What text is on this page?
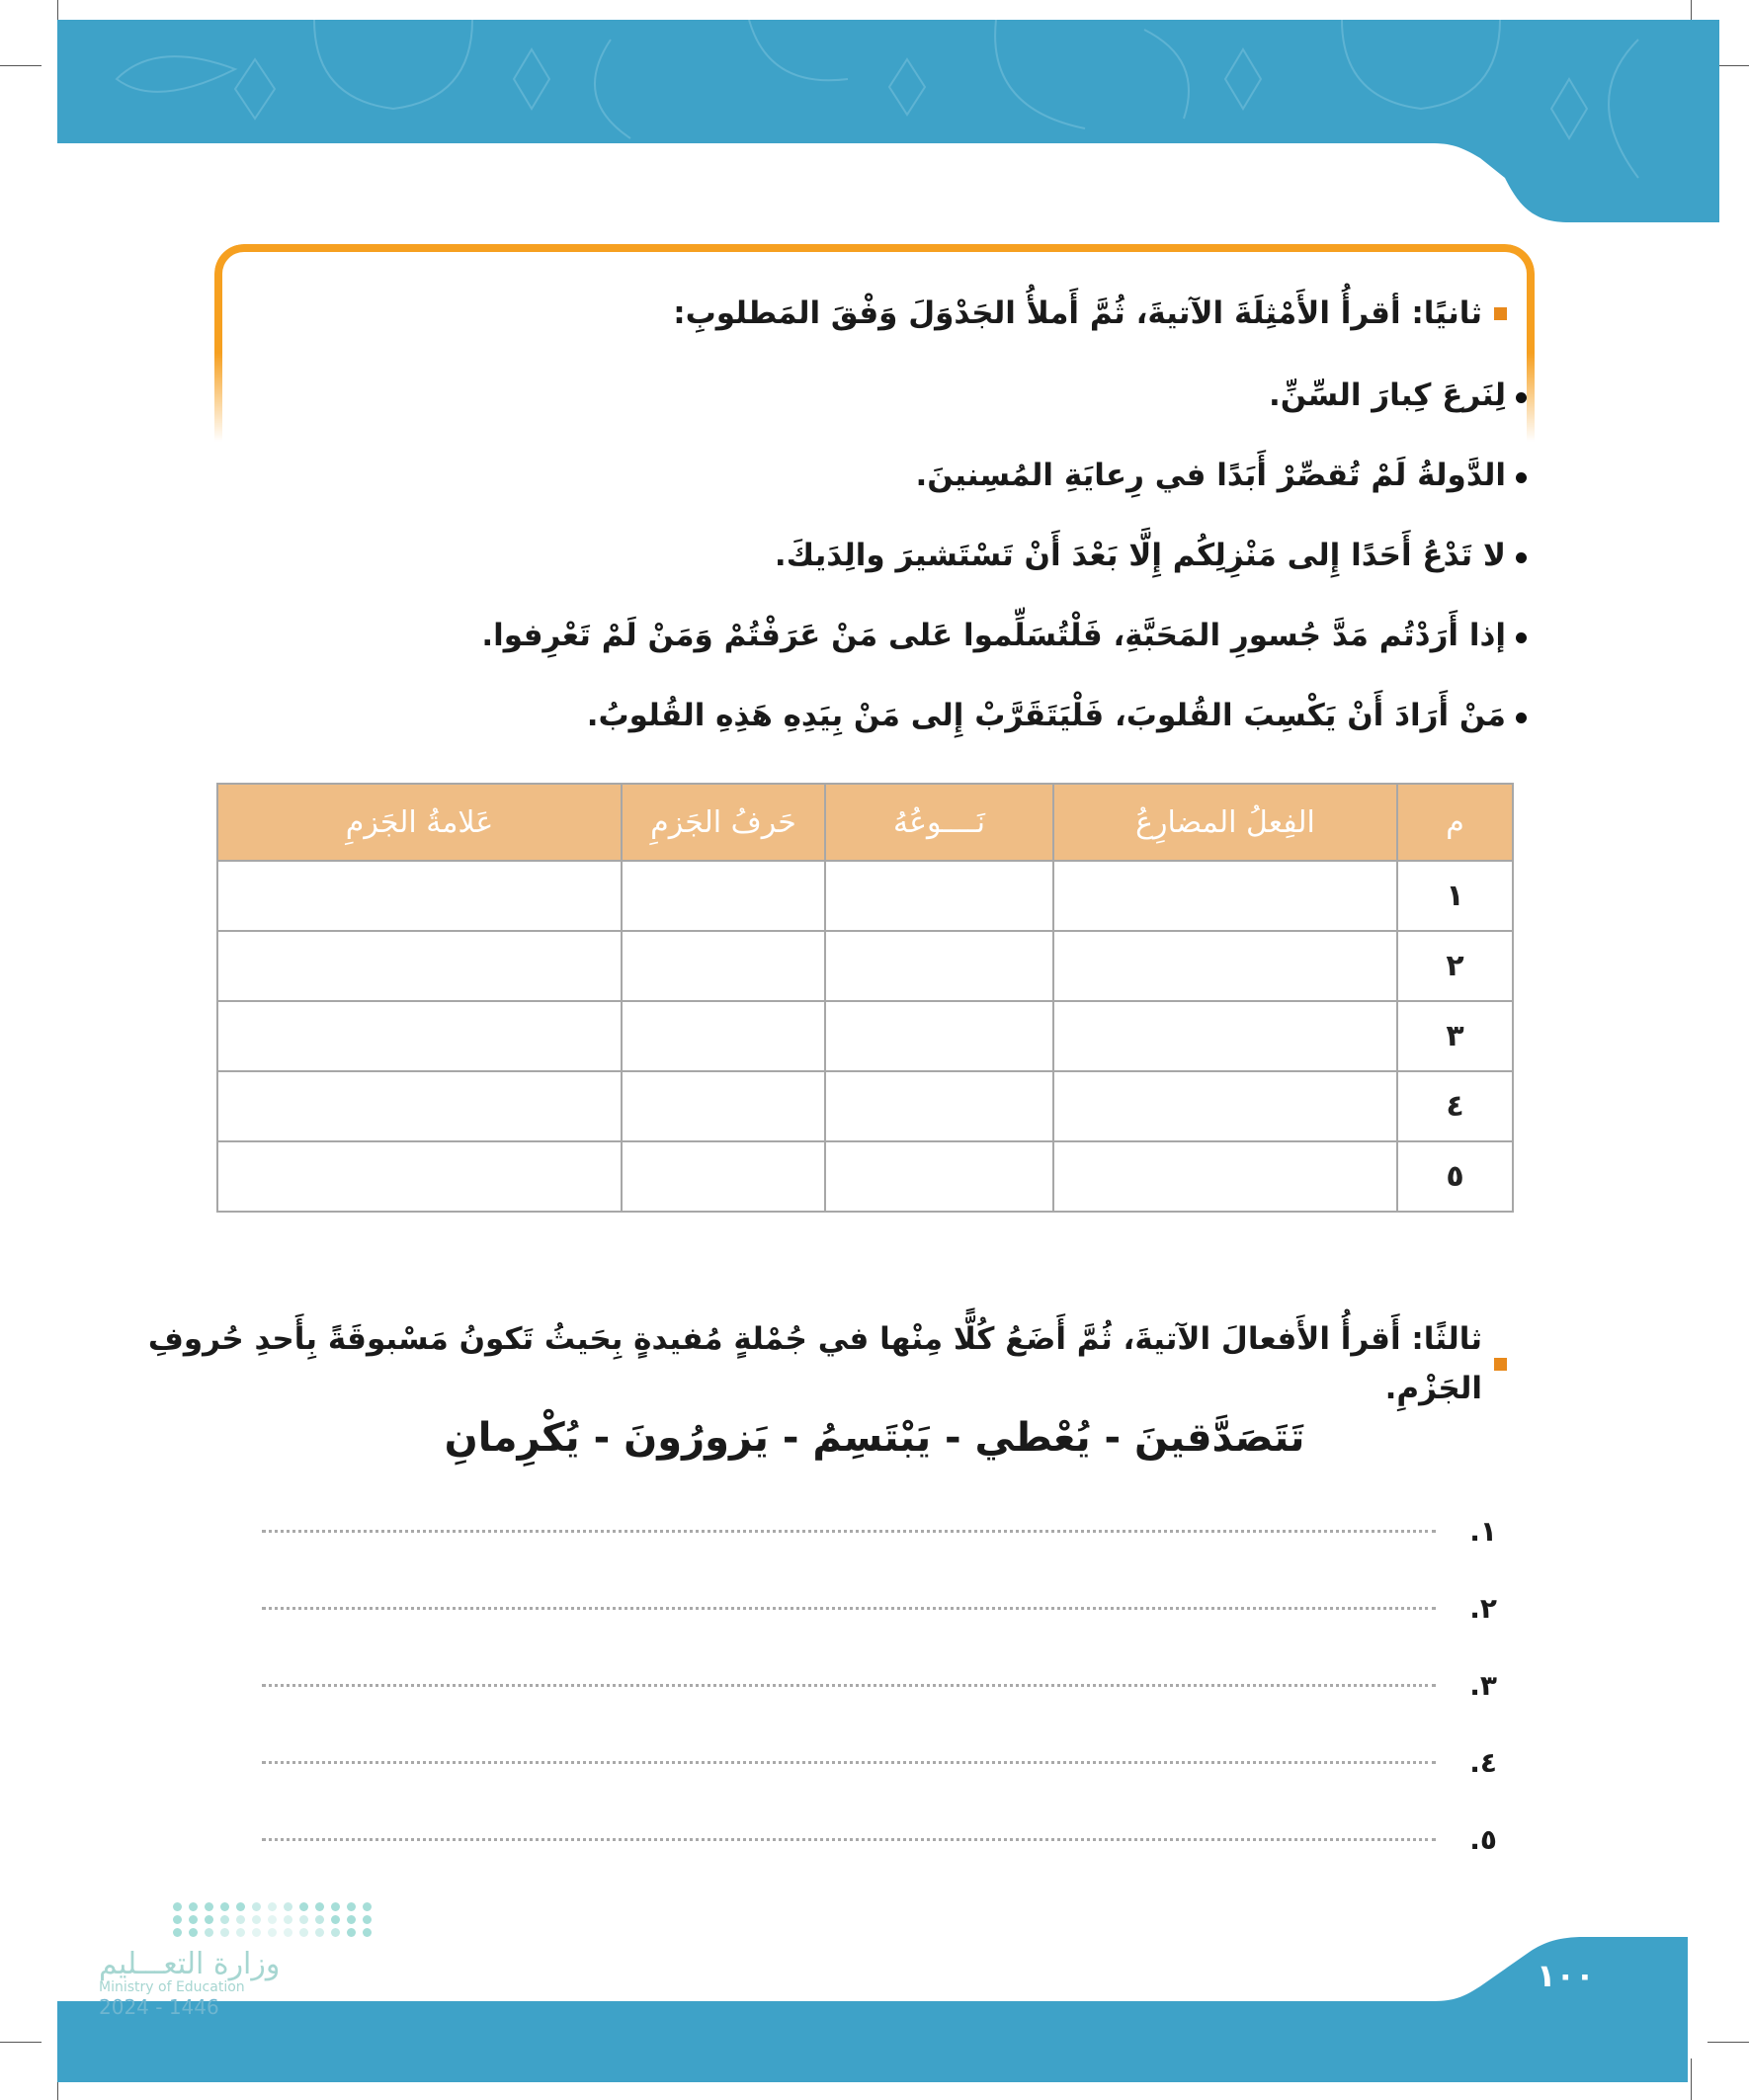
ثانيًا: أقرأُ الأَمْثِلَةَ الآتيةَ، ثُمَّ أَملأُ الجَدْوَلَ وَفْقَ المَطلوبِ:
لِنَرعَ كِبارَ السِّنِّ.
الدَّولةُ لَمْ تُقصِّرْ أَبَدًا في رِعايَةِ المُسِنينَ.
لا تَدْعُ أَحَدًا إِلى مَنْزِلِكُم إِلَّا بَعْدَ أَنْ تَسْتَشيرَ والِدَيكَ.
إذا أَرَدْتُم مَدَّ جُسورِ المَحَبَّةِ، فَلْتُسَلِّموا عَلى مَنْ عَرَفْتُمْ وَمَنْ لَمْ تَعْرِفوا.
مَنْ أَرَادَ أَنْ يَكْسِبَ القُلوبَ، فَلْيَتَقَرَّبْ إِلى مَنْ بِيَدِهِ هَذِهِ القُلوبُ.
م	الفِعلُ المضارِعُ	نَــــوعُهُ	حَرفُ الجَزمِ	عَلامةُ الجَزمِ
١				
٢				
٣				
٤				
٥				
ثالثًا: أَقرأُ الأَفعالَ الآتيةَ، ثُمَّ أَضَعُ كُلًّا مِنْها في جُمْلةٍ مُفيدةٍ بِحَيثُ تَكونُ مَسْبوقَةً بِأَحدِ حُروفِ الجَزْمِ.
تَتَصَدَّقينَ - يُعْطي - يَبْتَسِمُ - يَزورُونَ - يُكْرِمانِ
١.
٢.
٣.
٤.
٥.
١٠٠
وزارة التعـــليم
Ministry of Education
2024 - 1446
